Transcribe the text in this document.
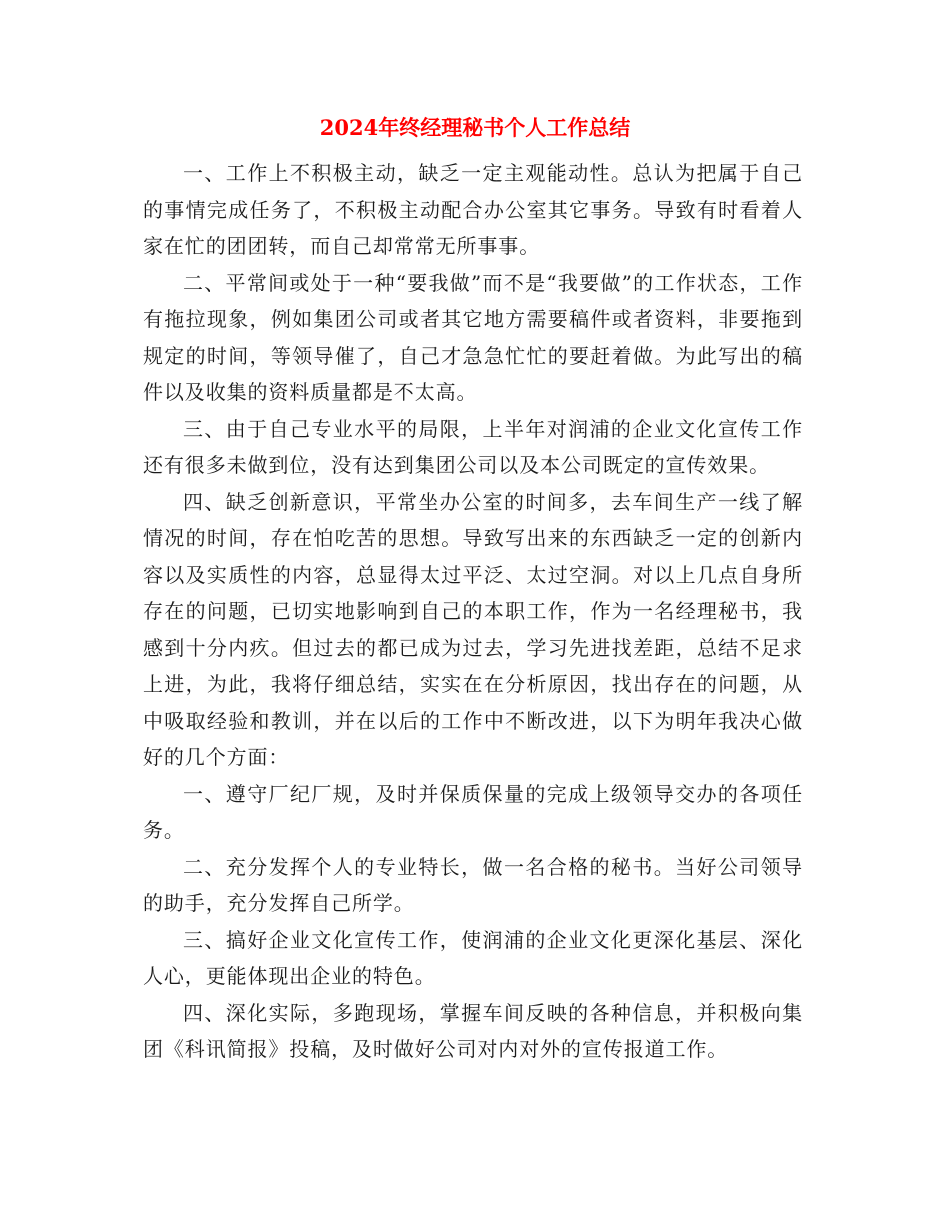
2024年终经理秘书个人工作总结

一、工作上不积极主动，缺乏一定主观能动性。总认为把属于自己的事情完成任务了，不积极主动配合办公室其它事务。导致有时看着人家在忙的团团转，而自己却常常无所事事。

二、平常间或处于一种“要我做”而不是“我要做”的工作状态，工作有拖拉现象，例如集团公司或者其它地方需要稿件或者资料，非要拖到规定的时间，等领导催了，自己才急急忙忙的要赶着做。为此写出的稿件以及收集的资料质量都是不太高。

三、由于自己专业水平的局限，上半年对润浦的企业文化宣传工作还有很多未做到位，没有达到集团公司以及本公司既定的宣传效果。

四、缺乏创新意识，平常坐办公室的时间多，去车间生产一线了解情况的时间，存在怕吃苦的思想。导致写出来的东西缺乏一定的创新内容以及实质性的内容，总显得太过平泛、太过空洞。对以上几点自身所存在的问题，已切实地影响到自己的本职工作，作为一名经理秘书，我感到十分内疚。但过去的都已成为过去，学习先进找差距，总结不足求上进，为此，我将仔细总结，实实在在分析原因，找出存在的问题，从中吸取经验和教训，并在以后的工作中不断改进，以下为明年我决心做好的几个方面：

一、遵守厂纪厂规，及时并保质保量的完成上级领导交办的各项任务。

二、充分发挥个人的专业特长，做一名合格的秘书。当好公司领导的助手，充分发挥自己所学。

三、搞好企业文化宣传工作，使润浦的企业文化更深化基层、深化人心，更能体现出企业的特色。

四、深化实际，多跑现场，掌握车间反映的各种信息，并积极向集团《科讯简报》投稿，及时做好公司对内对外的宣传报道工作。
